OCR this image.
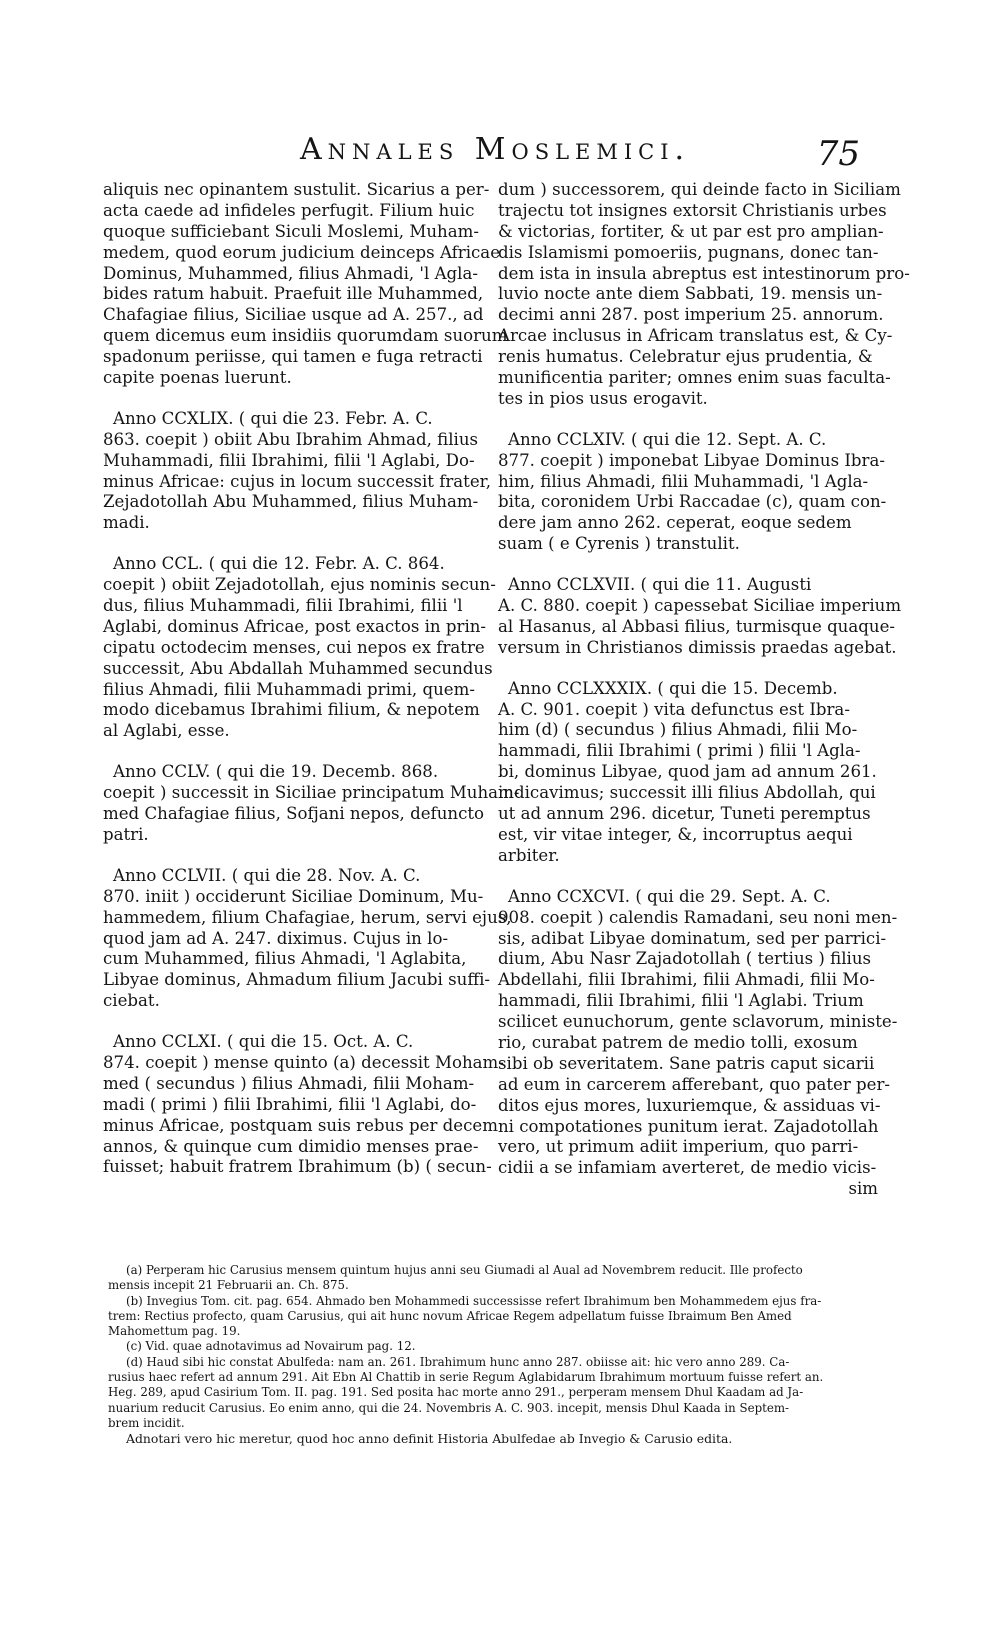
Annales Moslemici.	75
aliquis nec opinantem sustulit. Sicarius a per-
acta caede ad infideles perfugit. Filium huic
quoque sufficiebant Siculi Moslemi, Muham-
medem, quod eorum judicium deinceps Africae
Dominus, Muhammed, filius Ahmadi, 'l Agla-
bides ratum habuit. Praefuit ille Muhammed,
Chafagiae filius, Siciliae usque ad A. 257., ad
quem dicemus eum insidiis quorumdam suorum
spadonum periisse, qui tamen e fuga retracti
capite poenas luerunt.
Anno CCXLIX. ( qui die 23. Febr. A. C.
863. coepit ) obiit Abu Ibrahim Ahmad, filius
Muhammadi, filii Ibrahimi, filii 'l Aglabi, Do-
minus Africae: cujus in locum successit frater,
Zejadotollah Abu Muhammed, filius Muham-
madi.
Anno CCL. ( qui die 12. Febr. A. C. 864.
coepit ) obiit Zejadotollah, ejus nominis secun-
dus, filius Muhammadi, filii Ibrahimi, filii 'l
Aglabi, dominus Africae, post exactos in prin-
cipatu octodecim menses, cui nepos ex fratre
successit, Abu Abdallah Muhammed secundus
filius Ahmadi, filii Muhammadi primi, quem-
modo dicebamus Ibrahimi filium, & nepotem
al Aglabi, esse.
Anno CCLV. ( qui die 19. Decemb. 868.
coepit ) successit in Siciliae principatum Muham-
med Chafagiae filius, Sofjani nepos, defuncto
patri.
Anno CCLVII. ( qui die 28. Nov. A. C.
870. iniit ) occiderunt Siciliae Dominum, Mu-
hammedem, filium Chafagiae, herum, servi ejus,
quod jam ad A. 247. diximus. Cujus in lo-
cum Muhammed, filius Ahmadi, 'l Aglabita,
Libyae dominus, Ahmadum filium Jacubi suffi-
ciebat.
Anno CCLXI. ( qui die 15. Oct. A. C.
874. coepit ) mense quinto (a) decessit Moham-
med ( secundus ) filius Ahmadi, filii Moham-
madi ( primi ) filii Ibrahimi, filii 'l Aglabi, do-
minus Africae, postquam suis rebus per decem
annos, & quinque cum dimidio menses prae-
fuisset; habuit fratrem Ibrahimum (b) ( secun-
dum ) successorem, qui deinde facto in Siciliam
trajectu tot insignes extorsit Christianis urbes
& victorias, fortiter, & ut par est pro amplian-
dis Islamismi pomoeriis, pugnans, donec tan-
dem ista in insula abreptus est intestinorum pro-
luvio nocte ante diem Sabbati, 19. mensis un-
decimi anni 287. post imperium 25. annorum.
Arcae inclusus in Africam translatus est, & Cy-
renis humatus. Celebratur ejus prudentia, &
munificentia pariter; omnes enim suas faculta-
tes in pios usus erogavit.
Anno CCLXIV. ( qui die 12. Sept. A. C.
877. coepit ) imponebat Libyae Dominus Ibra-
him, filius Ahmadi, filii Muhammadi, 'l Agla-
bita, coronidem Urbi Raccadae (c), quam con-
dere jam anno 262. ceperat, eoque sedem
suam ( e Cyrenis ) transtulit.
Anno CCLXVII. ( qui die 11. Augusti
A. C. 880. coepit ) capessebat Siciliae imperium
al Hasanus, al Abbasi filius, turmisque quaque-
versum in Christianos dimissis praedas agebat.
Anno CCLXXXIX. ( qui die 15. Decemb.
A. C. 901. coepit ) vita defunctus est Ibra-
him (d) ( secundus ) filius Ahmadi, filii Mo-
hammadi, filii Ibrahimi ( primi ) filii 'l Agla-
bi, dominus Libyae, quod jam ad annum 261.
indicavimus; successit illi filius Abdollah, qui
ut ad annum 296. dicetur, Tuneti peremptus
est, vir vitae integer, &, incorruptus aequi
arbiter.
Anno CCXCVI. ( qui die 29. Sept. A. C.
908. coepit ) calendis Ramadani, seu noni men-
sis, adibat Libyae dominatum, sed per parrici-
dium, Abu Nasr Zajadotollah ( tertius ) filius
Abdellahi, filii Ibrahimi, filii Ahmadi, filii Mo-
hammadi, filii Ibrahimi, filii 'l Aglabi. Trium
scilicet eunuchorum, gente sclavorum, ministe-
rio, curabat patrem de medio tolli, exosum
sibi ob severitatem. Sane patris caput sicarii
ad eum in carcerem afferebant, quo pater per-
ditos ejus mores, luxuriemque, & assiduas vi-
ni compotationes punitum ierat. Zajadotollah
vero, ut primum adiit imperium, quo parri-
cidii a se infamiam averteret, de medio vicis-
sim
(a) Perperam hic Carusius mensem quintum hujus anni seu Giumadi al Aual ad Novembrem reducit. Ille profecto
mensis incepit 21 Februarii an. Ch. 875.
(b) Invegius Tom. cit. pag. 654. Ahmado ben Mohammedi successisse refert Ibrahimum ben Mohammedem ejus fra-
trem: Rectius profecto, quam Carusius, qui ait hunc novum Africae Regem adpellatum fuisse Ibraimum Ben Amed
Mahomettum pag. 19.
(c) Vid. quae adnotavimus ad Novairum pag. 12.
(d) Haud sibi hic constat Abulfeda: nam an. 261. Ibrahimum hunc anno 287. obiisse ait: hic vero anno 289. Ca-
rusius haec refert ad annum 291. Ait Ebn Al Chattib in serie Regum Aglabidarum Ibrahimum mortuum fuisse refert an.
Heg. 289, apud Casirium Tom. II. pag. 191. Sed posita hac morte anno 291., perperam mensem Dhul Kaadam ad Ja-
nuarium reducit Carusius. Eo enim anno, qui die 24. Novembris A. C. 903. incepit, mensis Dhul Kaada in Septem-
brem incidit.
Adnotari vero hic meretur, quod hoc anno definit Historia Abulfedae ab Invegio & Carusio edita.
